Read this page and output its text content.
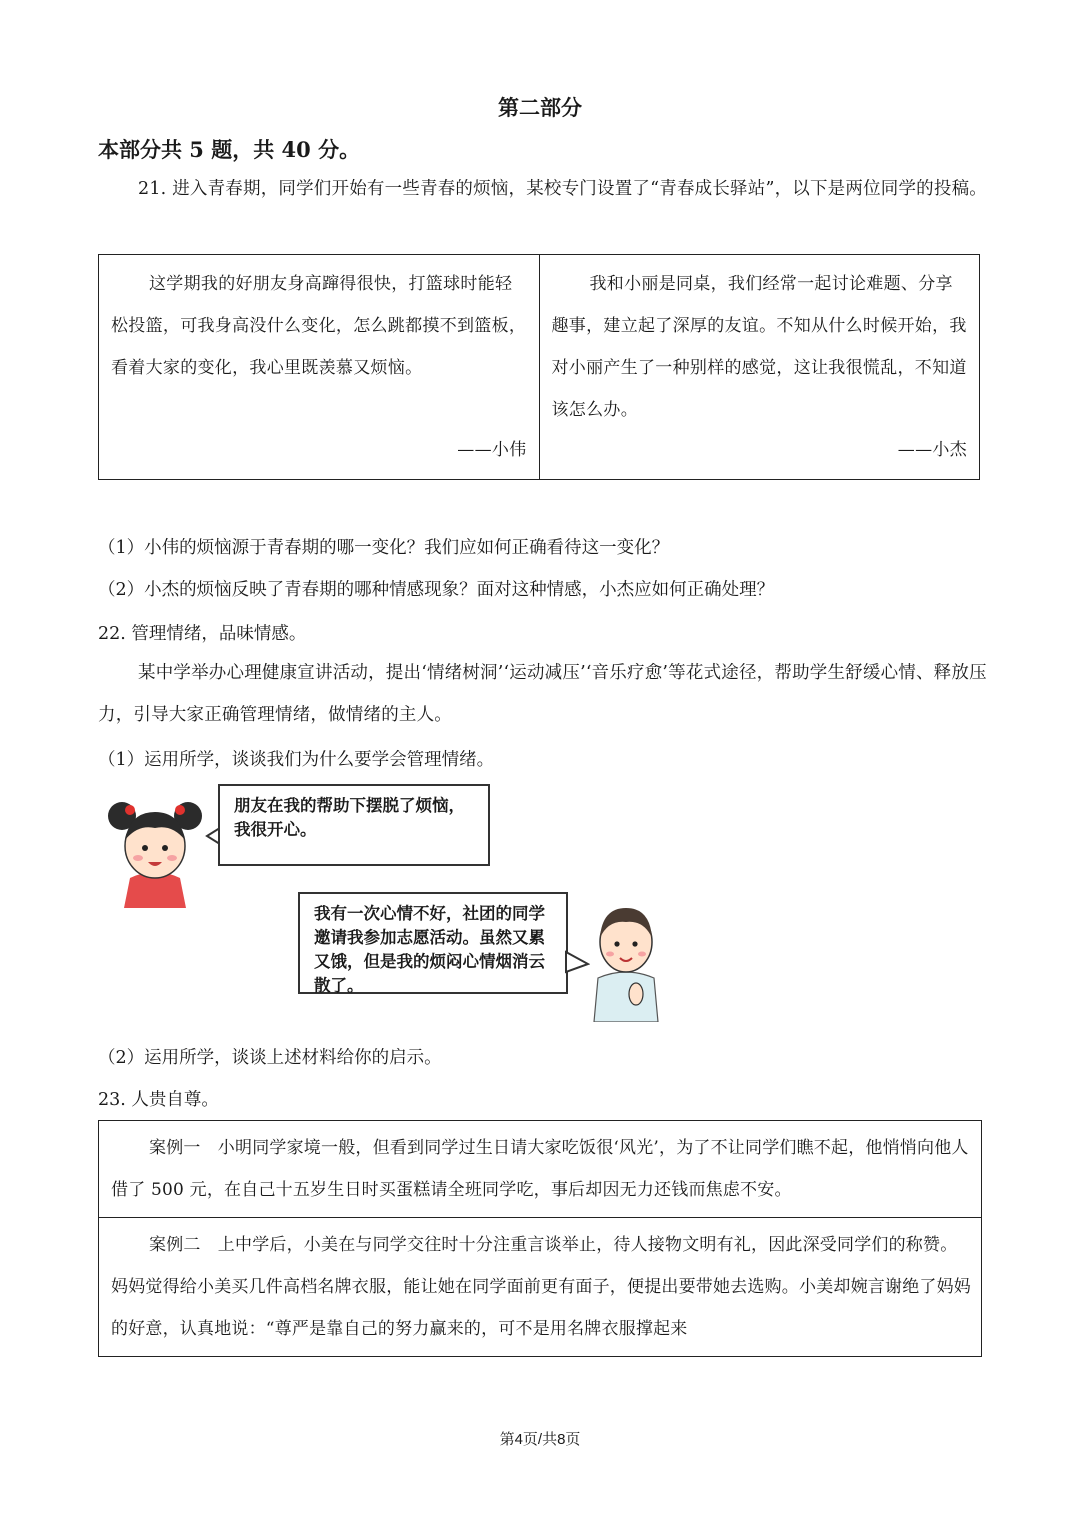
第二部分
本部分共 5 题，共 40 分。
21. 进入青春期，同学们开始有一些青春的烦恼，某校专门设置了“青春成长驿站”，以下是两位同学的投稿。
这学期我的好朋友身高蹿得很快，打篮球时能轻松投篮，可我身高没什么变化，怎么跳都摸不到篮板，看着大家的变化，我心里既羡慕又烦恼。
——小伟
我和小丽是同桌，我们经常一起讨论难题、分享趣事，建立起了深厚的友谊。不知从什么时候开始，我对小丽产生了一种别样的感觉，这让我很慌乱，不知道该怎么办。
——小杰
（1）小伟的烦恼源于青春期的哪一变化？我们应如何正确看待这一变化？
（2）小杰的烦恼反映了青春期的哪种情感现象？面对这种情感，小杰应如何正确处理？
22. 管理情绪，品味情感。
某中学举办心理健康宣讲活动，提出‘情绪树洞’‘运动减压’‘音乐疗愈’等花式途径，帮助学生舒缓心情、释放压力，引导大家正确管理情绪，做情绪的主人。
（1）运用所学，谈谈我们为什么要学会管理情绪。
朋友在我的帮助下摆脱了烦恼，我很开心。
我有一次心情不好，社团的同学邀请我参加志愿活动。虽然又累又饿，但是我的烦闷心情烟消云散了。
（2）运用所学，谈谈上述材料给你的启示。
23. 人贵自尊。
案例一　小明同学家境一般，但看到同学过生日请大家吃饭很‘风光’，为了不让同学们瞧不起，他悄悄向他人借了 500 元，在自己十五岁生日时买蛋糕请全班同学吃，事后却因无力还钱而焦虑不安。
案例二　上中学后，小美在与同学交往时十分注重言谈举止，待人接物文明有礼，因此深受同学们的称赞。妈妈觉得给小美买几件高档名牌衣服，能让她在同学面前更有面子，便提出要带她去选购。小美却婉言谢绝了妈妈的好意，认真地说：“尊严是靠自己的努力赢来的，可不是用名牌衣服撑起来
第4页/共8页
